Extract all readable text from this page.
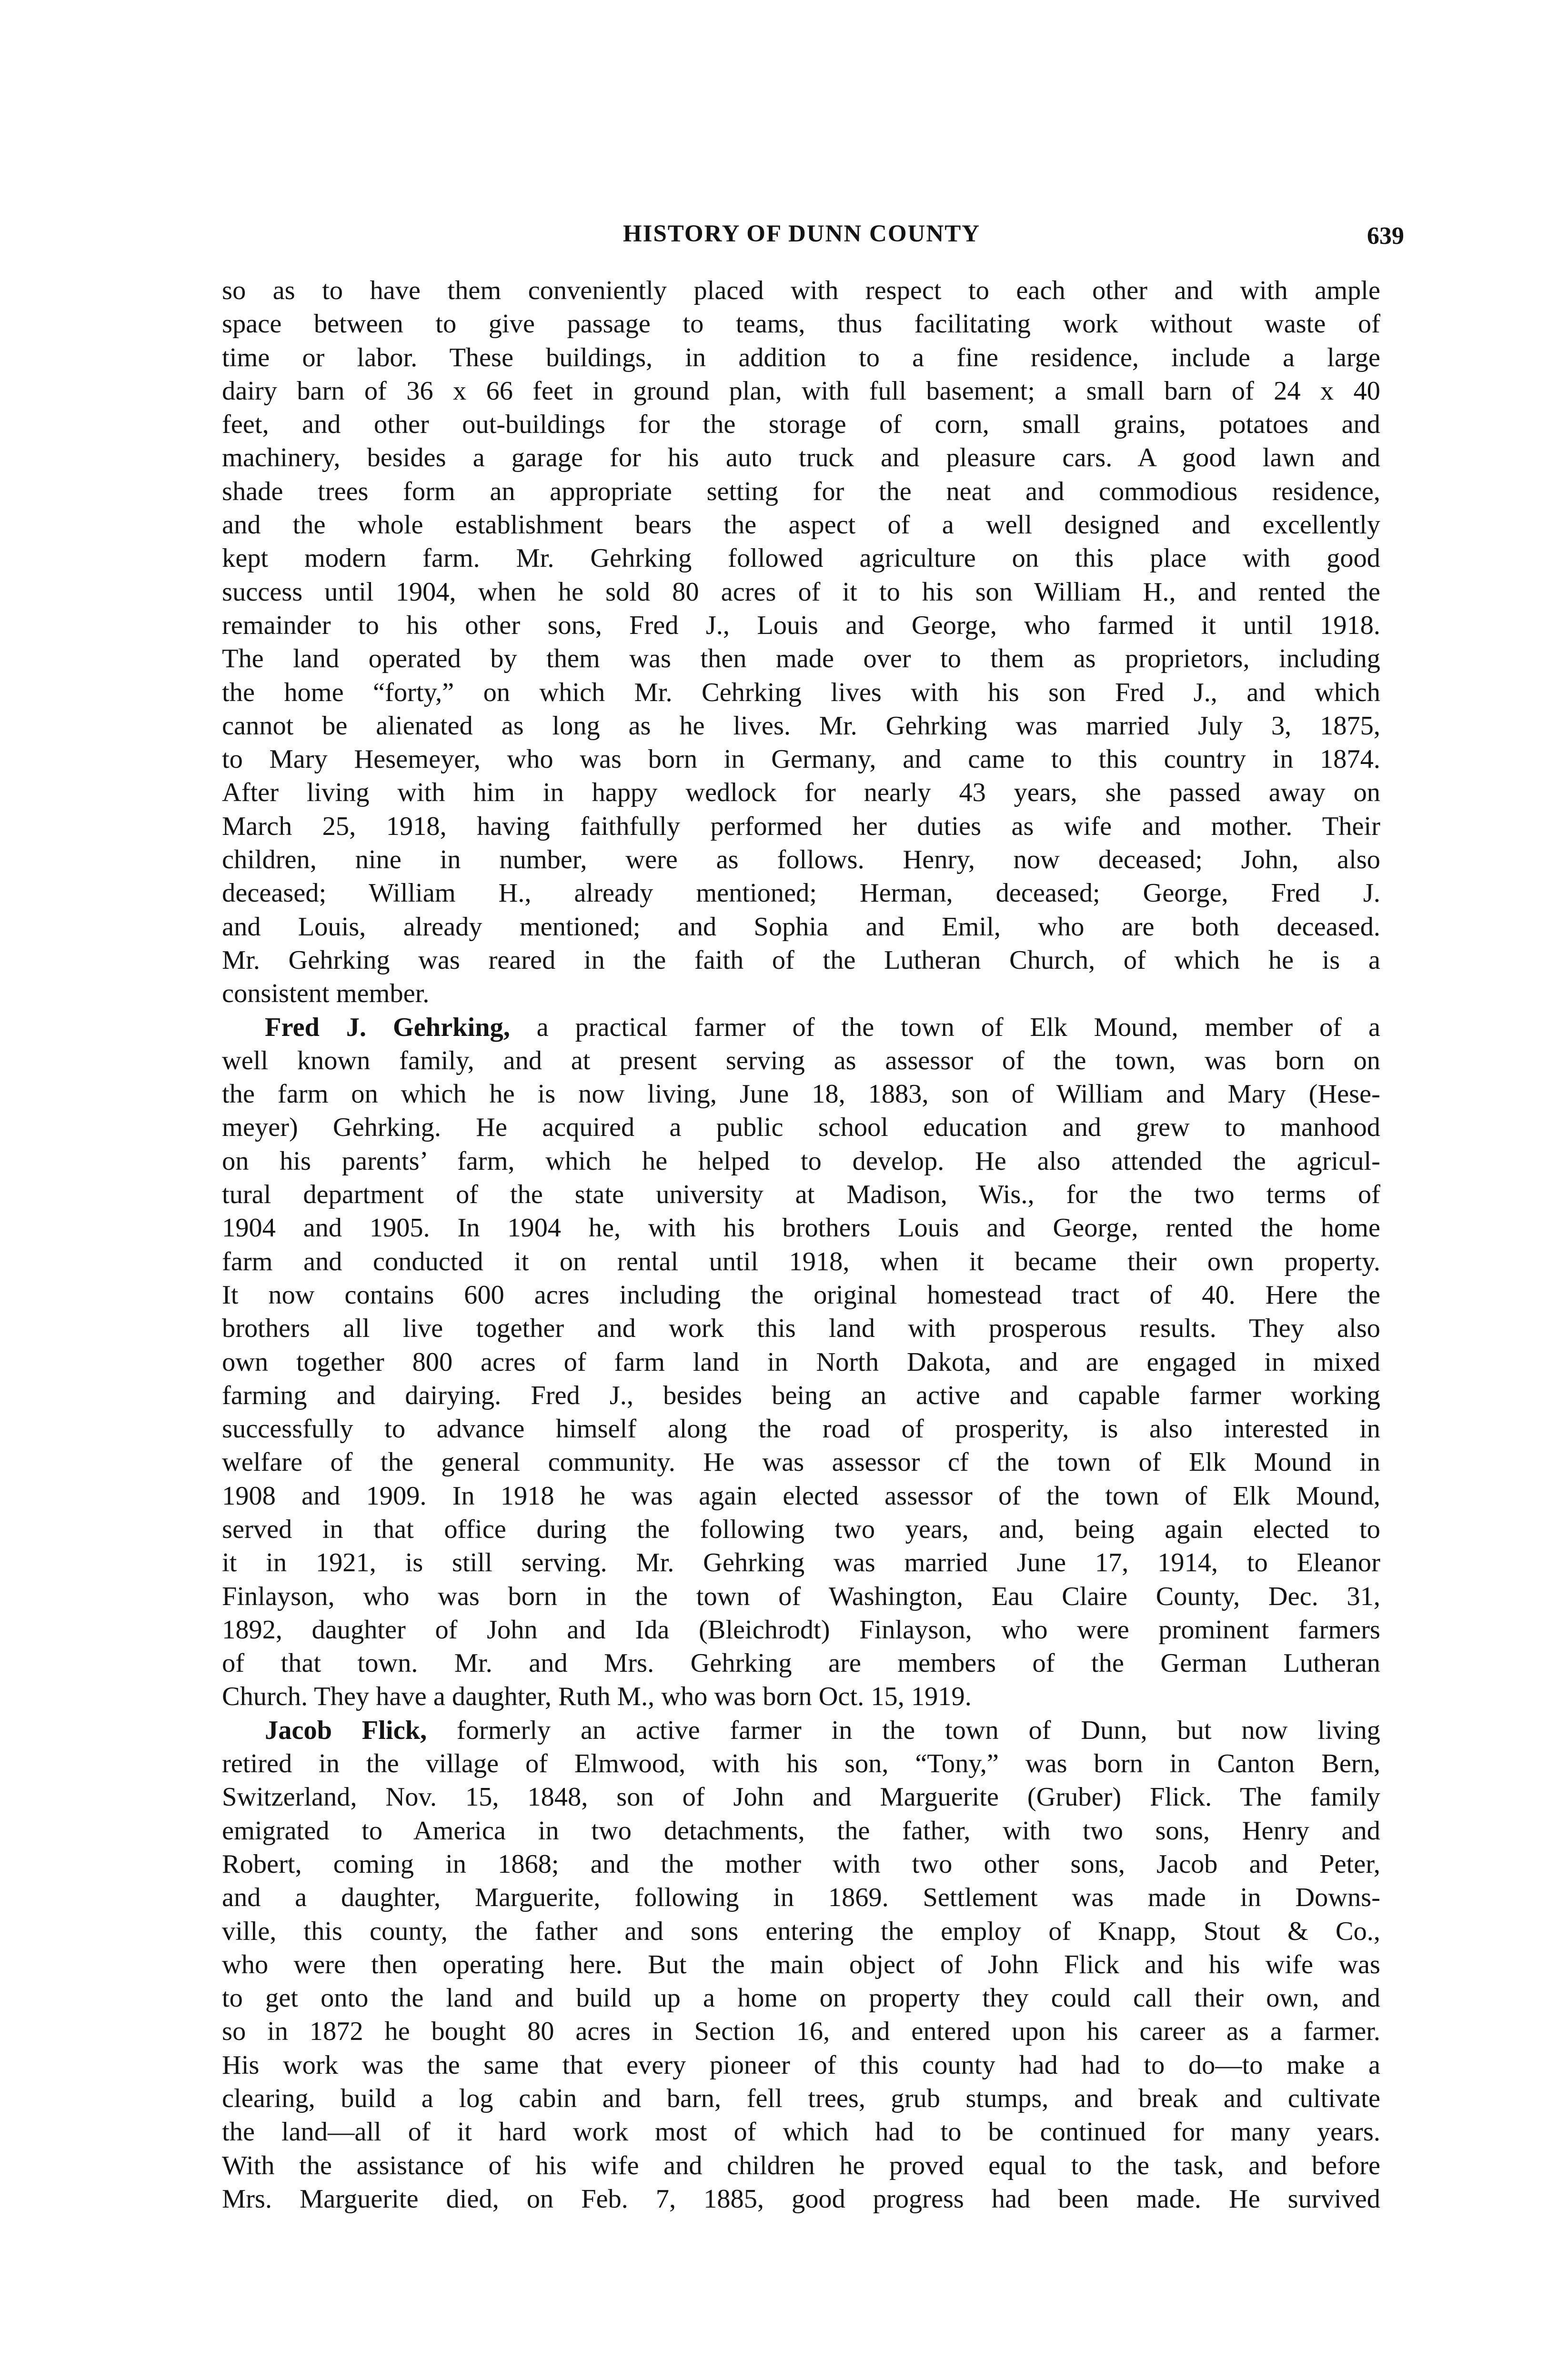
HISTORY OF DUNN COUNTY	639
so as to have them conveniently placed with respect to each other and with ample
space between to give passage to teams, thus facilitating work without waste of
time or labor. These buildings, in addition to a fine residence, include a large
dairy barn of 36 x 66 feet in ground plan, with full basement; a small barn of 24 x 40
feet, and other out-buildings for the storage of corn, small grains, potatoes and
machinery, besides a garage for his auto truck and pleasure cars. A good lawn and
shade trees form an appropriate setting for the neat and commodious residence,
and the whole establishment bears the aspect of a well designed and excellently
kept modern farm. Mr. Gehrking followed agriculture on this place with good
success until 1904, when he sold 80 acres of it to his son William H., and rented the
remainder to his other sons, Fred J., Louis and George, who farmed it until 1918.
The land operated by them was then made over to them as proprietors, including
the home “forty,” on which Mr. Cehrking lives with his son Fred J., and which
cannot be alienated as long as he lives. Mr. Gehrking was married July 3, 1875,
to Mary Hesemeyer, who was born in Germany, and came to this country in 1874.
After living with him in happy wedlock for nearly 43 years, she passed away on
March 25, 1918, having faithfully performed her duties as wife and mother. Their
children, nine in number, were as follows. Henry, now deceased; John, also
deceased; William H., already mentioned; Herman, deceased; George, Fred J.
and Louis, already mentioned; and Sophia and Emil, who are both deceased.
Mr. Gehrking was reared in the faith of the Lutheran Church, of which he is a
consistent member.
Fred J. Gehrking, a practical farmer of the town of Elk Mound, member of a
well known family, and at present serving as assessor of the town, was born on
the farm on which he is now living, June 18, 1883, son of William and Mary (Hese-
meyer) Gehrking. He acquired a public school education and grew to manhood
on his parents’ farm, which he helped to develop. He also attended the agricul-
tural department of the state university at Madison, Wis., for the two terms of
1904 and 1905. In 1904 he, with his brothers Louis and George, rented the home
farm and conducted it on rental until 1918, when it became their own property.
It now contains 600 acres including the original homestead tract of 40. Here the
brothers all live together and work this land with prosperous results. They also
own together 800 acres of farm land in North Dakota, and are engaged in mixed
farming and dairying. Fred J., besides being an active and capable farmer working
successfully to advance himself along the road of prosperity, is also interested in
welfare of the general community. He was assessor cf the town of Elk Mound in
1908 and 1909. In 1918 he was again elected assessor of the town of Elk Mound,
served in that office during the following two years, and, being again elected to
it in 1921, is still serving. Mr. Gehrking was married June 17, 1914, to Eleanor
Finlayson, who was born in the town of Washington, Eau Claire County, Dec. 31,
1892, daughter of John and Ida (Bleichrodt) Finlayson, who were prominent farmers
of that town. Mr. and Mrs. Gehrking are members of the German Lutheran
Church. They have a daughter, Ruth M., who was born Oct. 15, 1919.
Jacob Flick, formerly an active farmer in the town of Dunn, but now living
retired in the village of Elmwood, with his son, “Tony,” was born in Canton Bern,
Switzerland, Nov. 15, 1848, son of John and Marguerite (Gruber) Flick. The family
emigrated to America in two detachments, the father, with two sons, Henry and
Robert, coming in 1868; and the mother with two other sons, Jacob and Peter,
and a daughter, Marguerite, following in 1869. Settlement was made in Downs-
ville, this county, the father and sons entering the employ of Knapp, Stout & Co.,
who were then operating here. But the main object of John Flick and his wife was
to get onto the land and build up a home on property they could call their own, and
so in 1872 he bought 80 acres in Section 16, and entered upon his career as a farmer.
His work was the same that every pioneer of this county had had to do—to make a
clearing, build a log cabin and barn, fell trees, grub stumps, and break and cultivate
the land—all of it hard work most of which had to be continued for many years.
With the assistance of his wife and children he proved equal to the task, and before
Mrs. Marguerite died, on Feb. 7, 1885, good progress had been made. He survived
